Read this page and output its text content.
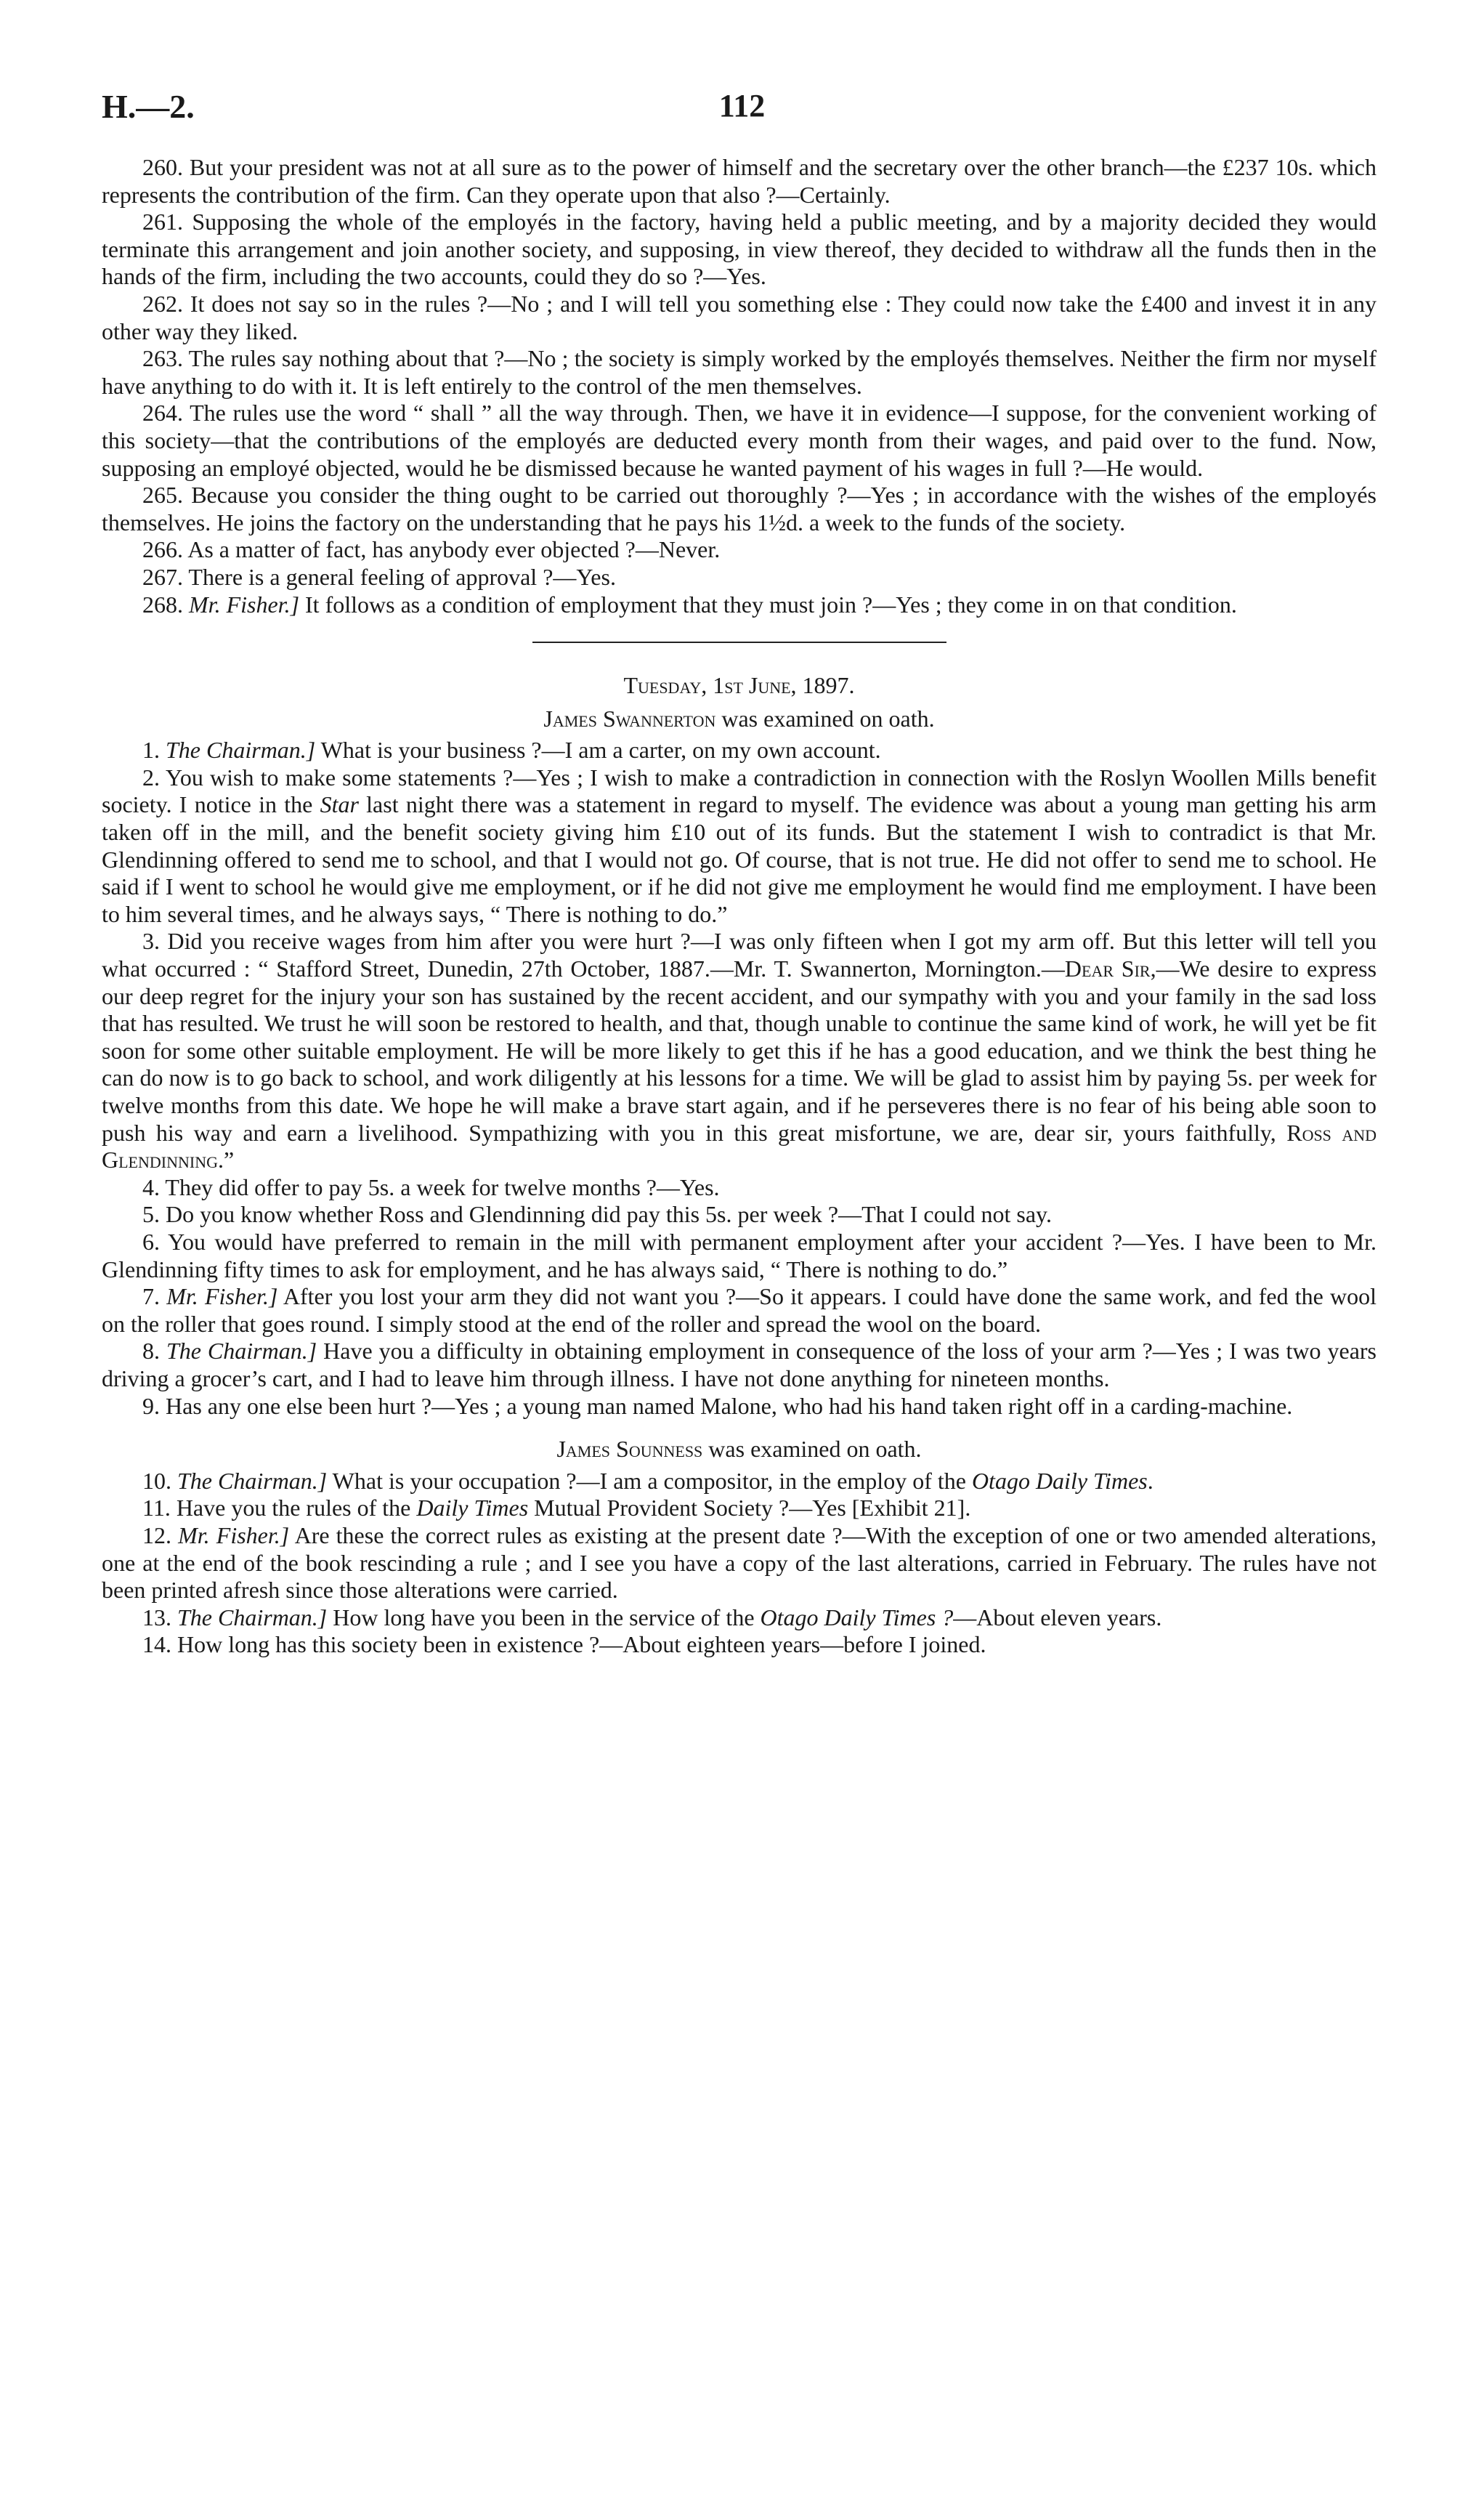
H.—2.	112

260. But your president was not at all sure as to the power of himself and the secretary over the other branch—the £237 10s. which represents the contribution of the firm. Can they operate upon that also ?—Certainly.

261. Supposing the whole of the employés in the factory, having held a public meeting, and by a majority decided they would terminate this arrangement and join another society, and supposing, in view thereof, they decided to withdraw all the funds then in the hands of the firm, including the two accounts, could they do so ?—Yes.

262. It does not say so in the rules ?—No ; and I will tell you something else : They could now take the £400 and invest it in any other way they liked.

263. The rules say nothing about that ?—No ; the society is simply worked by the employés themselves. Neither the firm nor myself have anything to do with it. It is left entirely to the control of the men themselves.

264. The rules use the word “ shall ” all the way through. Then, we have it in evidence—I suppose, for the convenient working of this society—that the contributions of the employés are deducted every month from their wages, and paid over to the fund. Now, supposing an employé objected, would he be dismissed because he wanted payment of his wages in full ?—He would.

265. Because you consider the thing ought to be carried out thoroughly ?—Yes ; in accordance with the wishes of the employés themselves. He joins the factory on the understanding that he pays his 1½d. a week to the funds of the society.

266. As a matter of fact, has anybody ever objected ?—Never.

267. There is a general feeling of approval ?—Yes.

268. Mr. Fisher.] It follows as a condition of employment that they must join ?—Yes ; they come in on that condition.

Tuesday, 1st June, 1897.

James Swannerton was examined on oath.

1. The Chairman.] What is your business ?—I am a carter, on my own account.

2. You wish to make some statements ?—Yes ; I wish to make a contradiction in connection with the Roslyn Woollen Mills benefit society. I notice in the Star last night there was a statement in regard to myself. The evidence was about a young man getting his arm taken off in the mill, and the benefit society giving him £10 out of its funds. But the statement I wish to contradict is that Mr. Glendinning offered to send me to school, and that I would not go. Of course, that is not true. He did not offer to send me to school. He said if I went to school he would give me employment, or if he did not give me employment he would find me employment. I have been to him several times, and he always says, “ There is nothing to do.”

3. Did you receive wages from him after you were hurt ?—I was only fifteen when I got my arm off. But this letter will tell you what occurred : “ Stafford Street, Dunedin, 27th October, 1887.—Mr. T. Swannerton, Mornington.—Dear Sir,—We desire to express our deep regret for the injury your son has sustained by the recent accident, and our sympathy with you and your family in the sad loss that has resulted. We trust he will soon be restored to health, and that, though unable to continue the same kind of work, he will yet be fit soon for some other suitable employment. He will be more likely to get this if he has a good education, and we think the best thing he can do now is to go back to school, and work diligently at his lessons for a time. We will be glad to assist him by paying 5s. per week for twelve months from this date. We hope he will make a brave start again, and if he perseveres there is no fear of his being able soon to push his way and earn a livelihood. Sympathizing with you in this great misfortune, we are, dear sir, yours faithfully, Ross and Glendinning.”

4. They did offer to pay 5s. a week for twelve months ?—Yes.

5. Do you know whether Ross and Glendinning did pay this 5s. per week ?—That I could not say.

6. You would have preferred to remain in the mill with permanent employment after your accident ?—Yes. I have been to Mr. Glendinning fifty times to ask for employment, and he has always said, “ There is nothing to do.”

7. Mr. Fisher.] After you lost your arm they did not want you ?—So it appears. I could have done the same work, and fed the wool on the roller that goes round. I simply stood at the end of the roller and spread the wool on the board.

8. The Chairman.] Have you a difficulty in obtaining employment in consequence of the loss of your arm ?—Yes ; I was two years driving a grocer’s cart, and I had to leave him through illness. I have not done anything for nineteen months.

9. Has any one else been hurt ?—Yes ; a young man named Malone, who had his hand taken right off in a carding-machine.

James Sounness was examined on oath.

10. The Chairman.] What is your occupation ?—I am a compositor, in the employ of the Otago Daily Times.

11. Have you the rules of the Daily Times Mutual Provident Society ?—Yes [Exhibit 21].

12. Mr. Fisher.] Are these the correct rules as existing at the present date ?—With the exception of one or two amended alterations, one at the end of the book rescinding a rule ; and I see you have a copy of the last alterations, carried in February. The rules have not been printed afresh since those alterations were carried.

13. The Chairman.] How long have you been in the service of the Otago Daily Times ?—About eleven years.

14. How long has this society been in existence ?—About eighteen years—before I joined.
